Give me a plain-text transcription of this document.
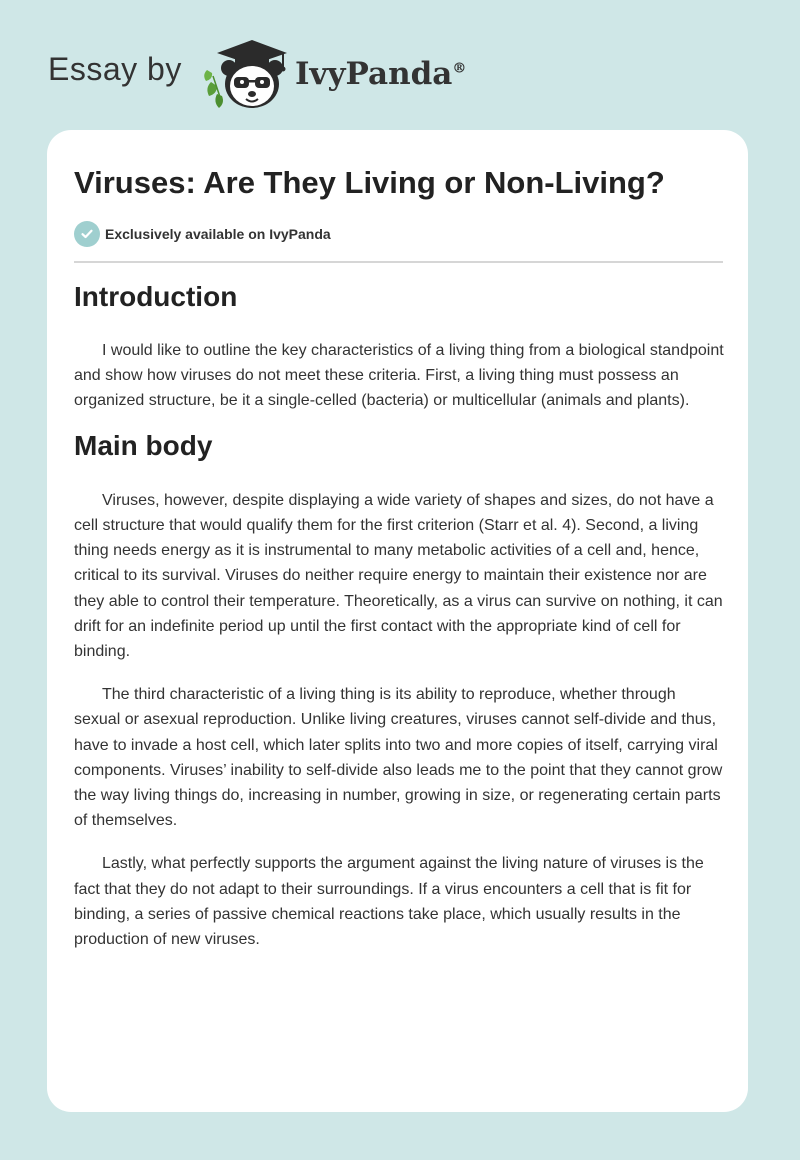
Essay by	IvyPanda®
Viruses: Are They Living or Non-Living?
Exclusively available on IvyPanda
Introduction

I would like to outline the key characteristics of a living thing from a biological standpoint and show how viruses do not meet these criteria. First, a living thing must possess an organized structure, be it a single-celled (bacteria) or multicellular (animals and plants).

Main body

Viruses, however, despite displaying a wide variety of shapes and sizes, do not have a cell structure that would qualify them for the first criterion (Starr et al. 4). Second, a living thing needs energy as it is instrumental to many metabolic activities of a cell and, hence, critical to its survival. Viruses do neither require energy to maintain their existence nor are they able to control their temperature. Theoretically, as a virus can survive on nothing, it can drift for an indefinite period up until the first contact with the appropriate kind of cell for binding.

The third characteristic of a living thing is its ability to reproduce, whether through sexual or asexual reproduction. Unlike living creatures, viruses cannot self-divide and thus, have to invade a host cell, which later splits into two and more copies of itself, carrying viral components. Viruses’ inability to self-divide also leads me to the point that they cannot grow the way living things do, increasing in number, growing in size, or regenerating certain parts of themselves.

Lastly, what perfectly supports the argument against the living nature of viruses is the fact that they do not adapt to their surroundings. If a virus encounters a cell that is fit for binding, a series of passive chemical reactions take place, which usually results in the production of new viruses.
